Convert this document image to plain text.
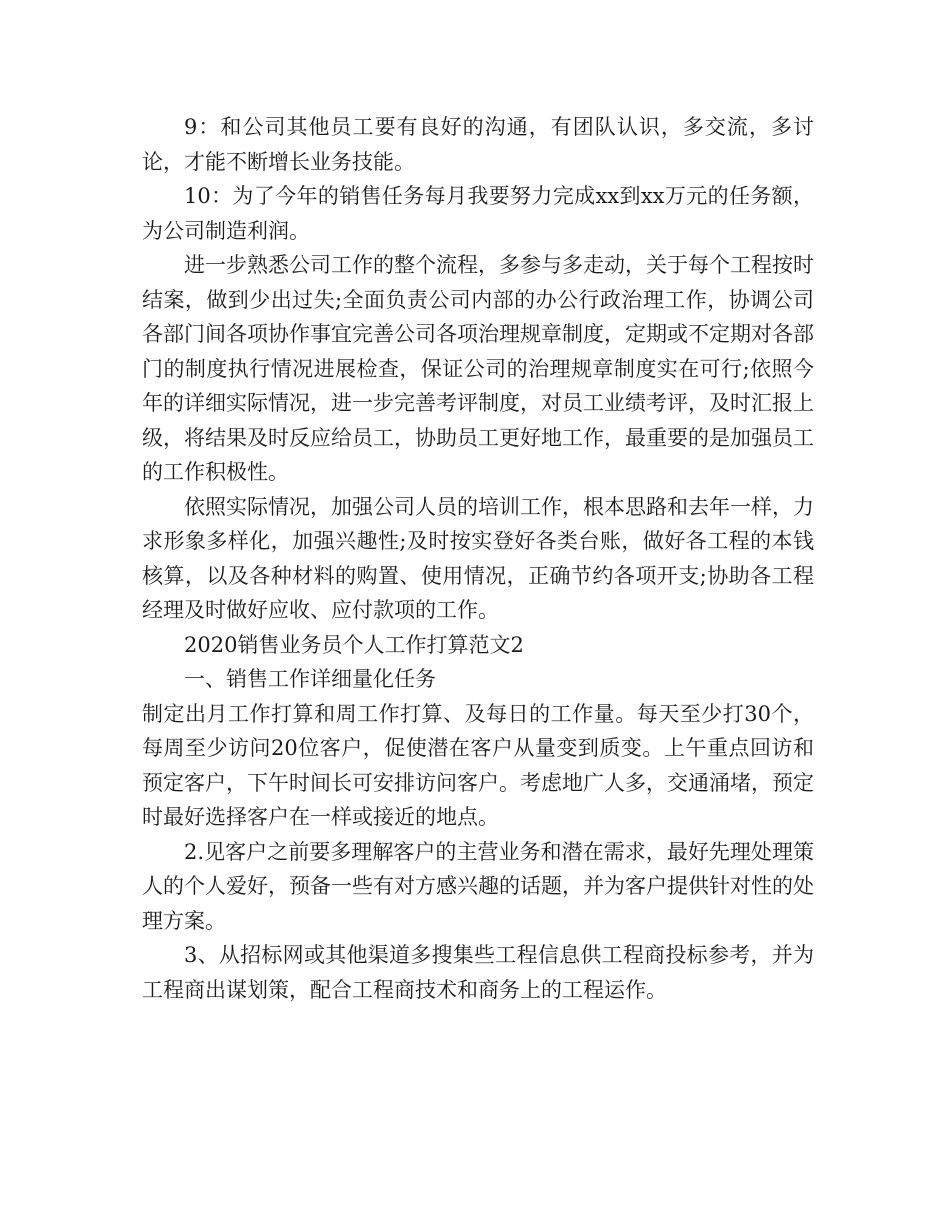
9：和公司其他员工要有良好的沟通，有团队认识，多交流，多讨论，才能不断增长业务技能。

10：为了今年的销售任务每月我要努力完成xx到xx万元的任务额，为公司制造利润。

进一步熟悉公司工作的整个流程，多参与多走动，关于每个工程按时结案，做到少出过失;全面负责公司内部的办公行政治理工作，协调公司各部门间各项协作事宜完善公司各项治理规章制度，定期或不定期对各部门的制度执行情况进展检查，保证公司的治理规章制度实在可行;依照今年的详细实际情况，进一步完善考评制度，对员工业绩考评，及时汇报上级，将结果及时反应给员工，协助员工更好地工作，最重要的是加强员工的工作积极性。

依照实际情况，加强公司人员的培训工作，根本思路和去年一样，力求形象多样化，加强兴趣性;及时按实登好各类台账，做好各工程的本钱核算，以及各种材料的购置、使用情况，正确节约各项开支;协助各工程经理及时做好应收、应付款项的工作。

2020销售业务员个人工作打算范文2

一、销售工作详细量化任务

制定出月工作打算和周工作打算、及每日的工作量。每天至少打30个，每周至少访问20位客户，促使潜在客户从量变到质变。上午重点回访和预定客户，下午时间长可安排访问客户。考虑地广人多，交通涌堵，预定时最好选择客户在一样或接近的地点。

2.见客户之前要多理解客户的主营业务和潜在需求，最好先理处理策人的个人爱好，预备一些有对方感兴趣的话题，并为客户提供针对性的处理方案。

3、从招标网或其他渠道多搜集些工程信息供工程商投标参考，并为工程商出谋划策，配合工程商技术和商务上的工程运作。
